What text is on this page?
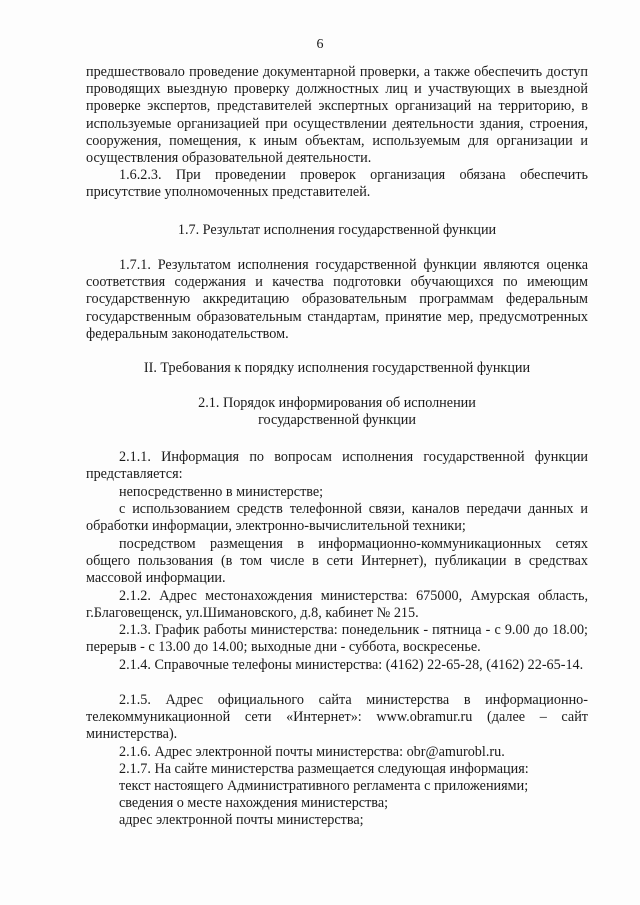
6

предшествовало проведение документарной проверки, а также обеспечить доступ проводящих выездную проверку должностных лиц и участвующих в выездной проверке экспертов, представителей экспертных организаций на территорию, в используемые организацией при осуществлении деятельности здания, строения, сооружения, помещения, к иным объектам, используемым для организации и осуществления образовательной деятельности.

1.6.2.3. При проведении проверок организация обязана обеспечить присутствие уполномоченных представителей.

1.7. Результат исполнения государственной функции

1.7.1. Результатом исполнения государственной функции являются оценка соответствия содержания и качества подготовки обучающихся по имеющим государственную аккредитацию образовательным программам федеральным государственным образовательным стандартам, принятие мер, предусмотренных федеральным законодательством.

II. Требования к порядку исполнения государственной функции

2.1. Порядок информирования об исполнении
государственной функции

2.1.1. Информация по вопросам исполнения государственной функции представляется:

непосредственно в министерстве;

с использованием средств телефонной связи, каналов передачи данных и обработки информации, электронно-вычислительной техники;

посредством размещения в информационно-коммуникационных сетях общего пользования (в том числе в сети Интернет), публикации в средствах массовой информации.

2.1.2. Адрес местонахождения министерства: 675000, Амурская область, г.Благовещенск, ул.Шимановского, д.8, кабинет № 215.

2.1.3. График работы министерства: понедельник - пятница - с 9.00 до 18.00; перерыв - с 13.00 до 14.00; выходные дни - суббота, воскресенье.

2.1.4. Справочные телефоны министерства: (4162) 22-65-28, (4162) 22-65-14.

2.1.5. Адрес официального сайта министерства в информационно-телекоммуникационной сети «Интернет»: www.obramur.ru (далее – сайт министерства).

2.1.6. Адрес электронной почты министерства: obr@amurobl.ru.

2.1.7. На сайте министерства размещается следующая информация:

текст настоящего Административного регламента с приложениями;

сведения о месте нахождения министерства;

адрес электронной почты министерства;
